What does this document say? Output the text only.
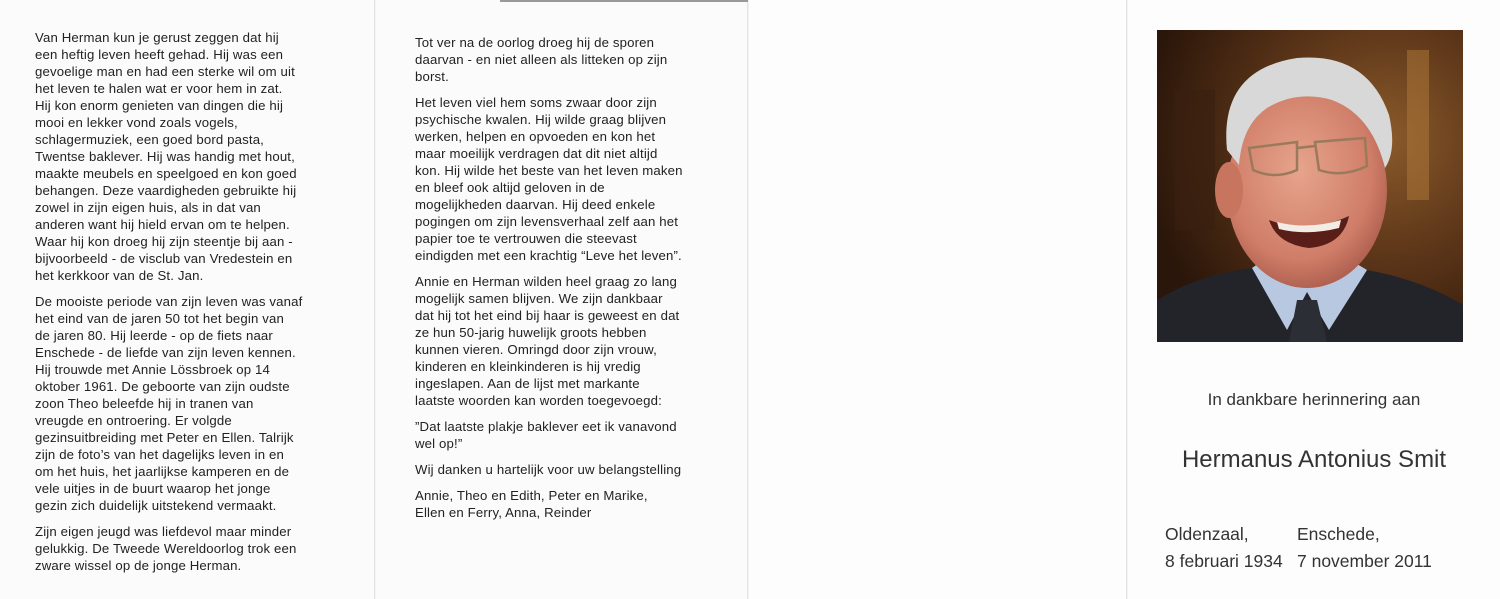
Van Herman kun je gerust zeggen dat hij
een heftig leven heeft gehad. Hij was een
gevoelige man en had een sterke wil om uit
het leven te halen wat er voor hem in zat.
Hij kon enorm genieten van dingen die hij
mooi en lekker vond zoals vogels,
schlagermuziek, een goed bord pasta,
Twentse baklever. Hij was handig met hout,
maakte meubels en speelgoed en kon goed
behangen. Deze vaardigheden gebruikte hij
zowel in zijn eigen huis, als in dat van
anderen want hij hield ervan om te helpen.
Waar hij kon droeg hij zijn steentje bij aan -
bijvoorbeeld - de visclub van Vredestein en
het kerkkoor van de St. Jan.

De mooiste periode van zijn leven was vanaf
het eind van de jaren 50 tot het begin van
de jaren 80. Hij leerde - op de fiets naar
Enschede - de liefde van zijn leven kennen.
Hij trouwde met Annie Lössbroek op 14
oktober 1961. De geboorte van zijn oudste
zoon Theo beleefde hij in tranen van
vreugde en ontroering. Er volgde
gezinsuitbreiding met Peter en Ellen. Talrijk
zijn de foto’s van het dagelijks leven in en
om het huis, het jaarlijkse kamperen en de
vele uitjes in de buurt waarop het jonge
gezin zich duidelijk uitstekend vermaakt.

Zijn eigen jeugd was liefdevol maar minder
gelukkig. De Tweede Wereldoorlog trok een
zware wissel op de jonge Herman.

Tot ver na de oorlog droeg hij de sporen
daarvan - en niet alleen als litteken op zijn
borst.

Het leven viel hem soms zwaar door zijn
psychische kwalen. Hij wilde graag blijven
werken, helpen en opvoeden en kon het
maar moeilijk verdragen dat dit niet altijd
kon. Hij wilde het beste van het leven maken
en bleef ook altijd geloven in de
mogelijkheden daarvan. Hij deed enkele
pogingen om zijn levensverhaal zelf aan het
papier toe te vertrouwen die steevast
eindigden met een krachtig “Leve het leven”.

Annie en Herman wilden heel graag zo lang
mogelijk samen blijven. We zijn dankbaar
dat hij tot het eind bij haar is geweest en dat
ze hun 50-jarig huwelijk groots hebben
kunnen vieren. Omringd door zijn vrouw,
kinderen en kleinkinderen is hij vredig
ingeslapen. Aan de lijst met markante
laatste woorden kan worden toegevoegd:

”Dat laatste plakje baklever eet ik vanavond
wel op!”

Wij danken u hartelijk voor uw belangstelling

Annie, Theo en Edith, Peter en Marike,
Ellen en Ferry, Anna, Reinder

In dankbare herinnering aan
Hermanus Antonius Smit
Oldenzaal,
8 februari 1934
Enschede,
7 november 2011
